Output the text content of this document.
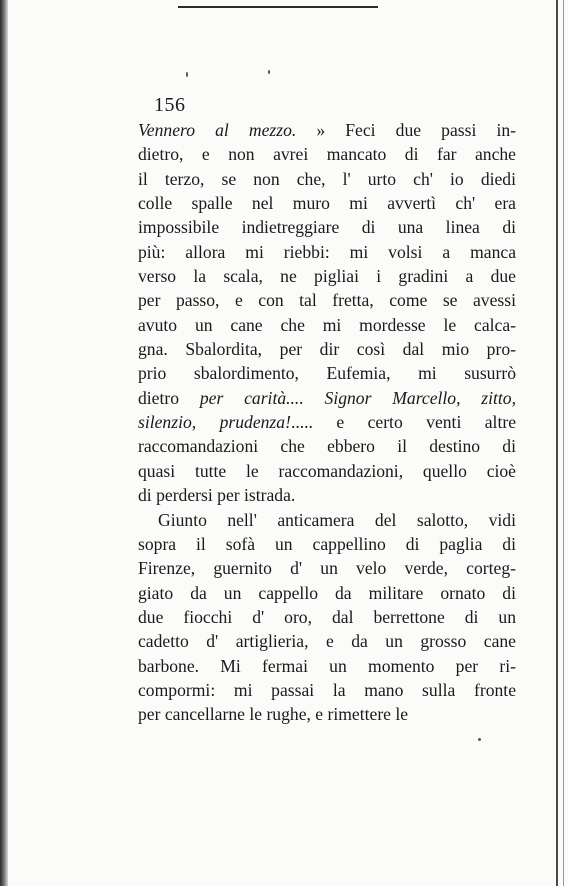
156
Vennero al mezzo. » Feci due passi in-
dietro, e non avrei mancato di far anche
il terzo, se non che, l' urto ch' io diedi
colle spalle nel muro mi avvertì ch' era
impossibile indietreggiare di una linea di
più: allora mi riebbi: mi volsi a manca
verso la scala, ne pigliai i gradini a due
per passo, e con tal fretta, come se avessi
avuto un cane che mi mordesse le calca-
gna. Sbalordita, per dir così dal mio pro-
prio sbalordimento, Eufemia, mi susurrò
dietro per carità.... Signor Marcello, zitto,
silenzio, prudenza!..... e certo venti altre
raccomandazioni che ebbero il destino di
quasi tutte le raccomandazioni, quello cioè
di perdersi per istrada.
Giunto nell' anticamera del salotto, vidi
sopra il sofà un cappellino di paglia di
Firenze, guernito d' un velo verde, corteg-
giato da un cappello da militare ornato di
due fiocchi d' oro, dal berrettone di un
cadetto d' artiglieria, e da un grosso cane
barbone. Mi fermai un momento per ri-
compormi: mi passai la mano sulla fronte
per cancellarne le rughe, e rimettere le
